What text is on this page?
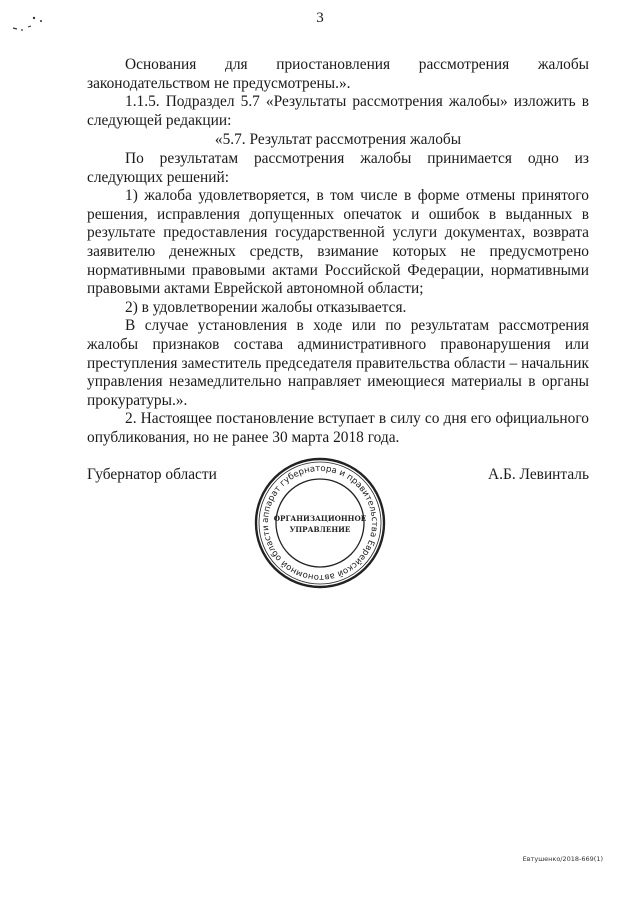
3

Основания для приостановления рассмотрения жалобы законодательством не предусмотрены.».

1.1.5. Подраздел 5.7 «Результаты рассмотрения жалобы» изложить в следующей редакции:

«5.7. Результат рассмотрения жалобы

По результатам рассмотрения жалобы принимается одно из следующих решений:

1) жалоба удовлетворяется, в том числе в форме отмены принятого решения, исправления допущенных опечаток и ошибок в выданных в результате предоставления государственной услуги документах, возврата заявителю денежных средств, взимание которых не предусмотрено нормативными правовыми актами Российской Федерации, нормативными правовыми актами Еврейской автономной области;

2) в удовлетворении жалобы отказывается.

В случае установления в ходе или по результатам рассмотрения жалобы признаков состава административного правонарушения или преступления заместитель председателя правительства области – начальник управления незамедлительно направляет имеющиеся материалы в органы прокуратуры.».

2. Настоящее постановление вступает в силу со дня его официального опубликования, но не ранее 30 марта 2018 года.

Губернатор области	А.Б. Левинталь
аппарат губернатора и правительства Еврейской автономной области
ОРГАНИЗАЦИОННОЕ
УПРАВЛЕНИЕ
Евтушенко/2018-669(1)
